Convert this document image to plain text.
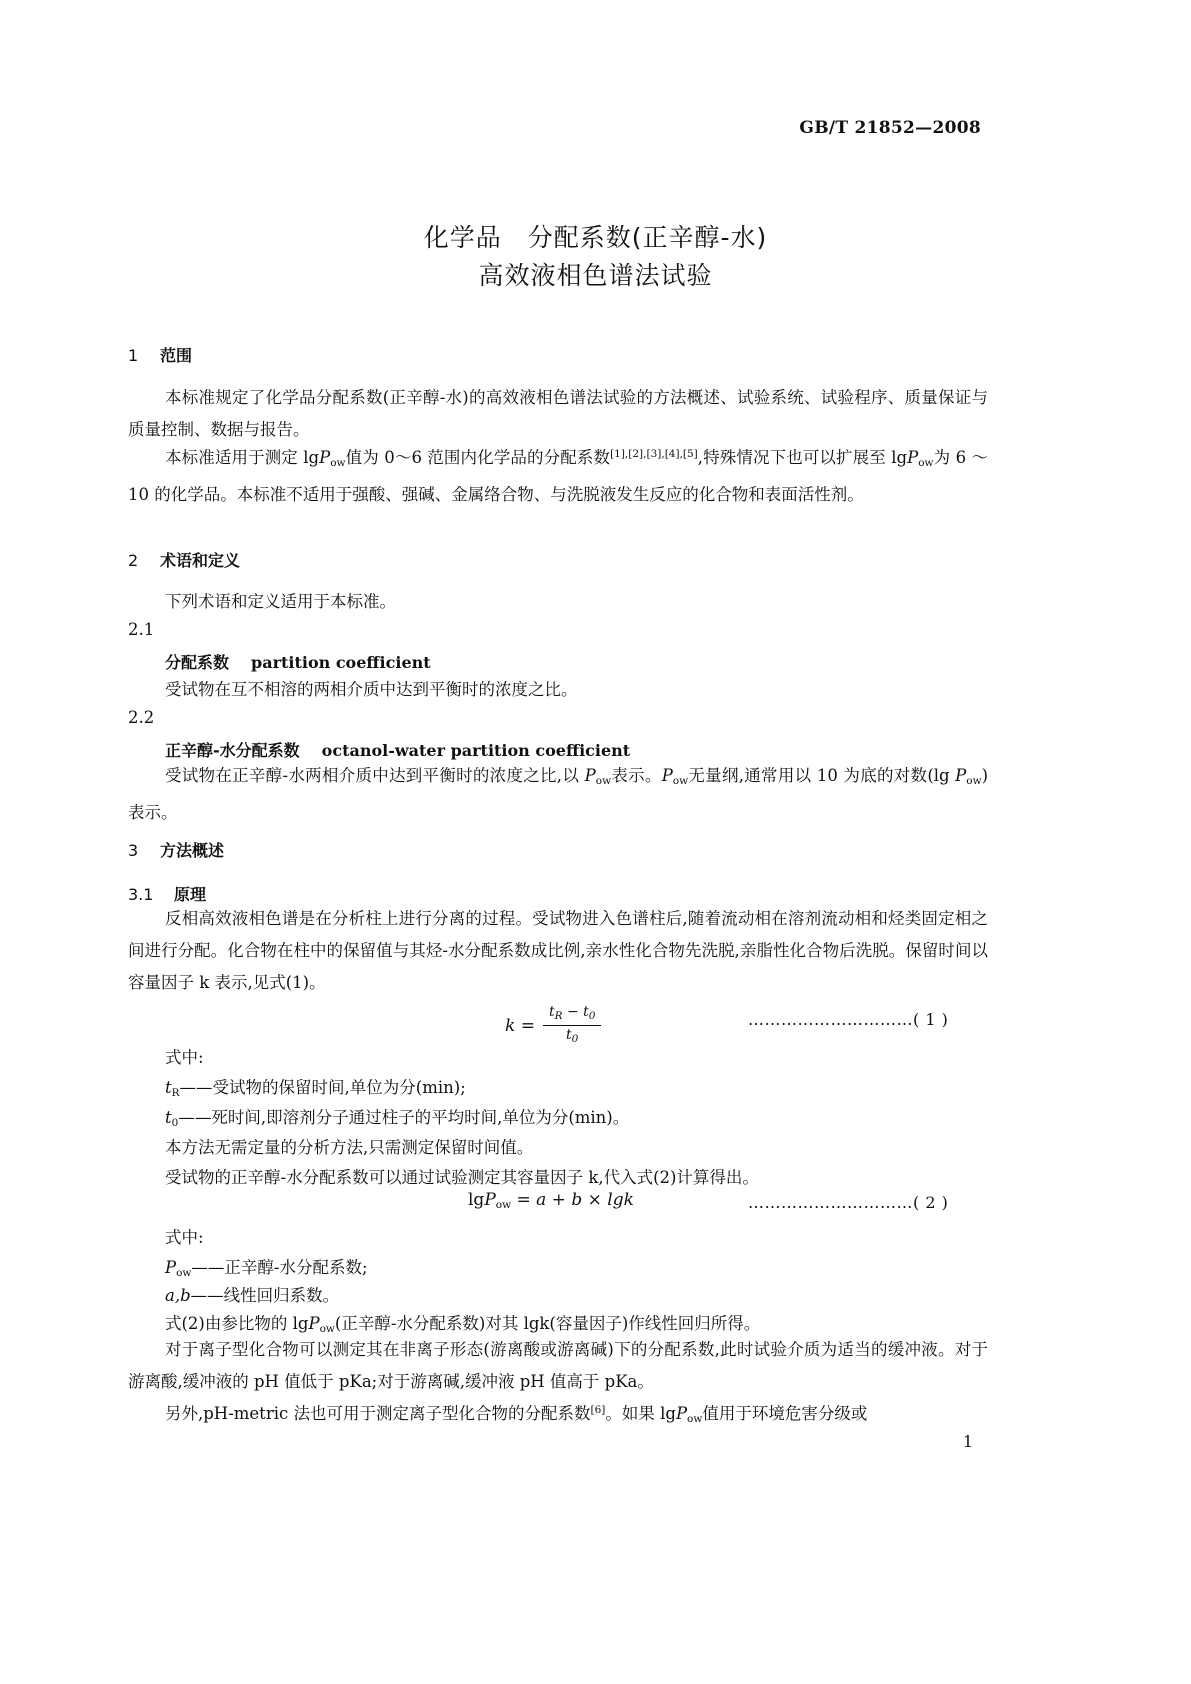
GB/T 21852—2008
化学品　分配系数(正辛醇-水)
高效液相色谱法试验
1 范围
本标准规定了化学品分配系数(正辛醇-水)的高效液相色谱法试验的方法概述、试验系统、试验程序、质量保证与质量控制、数据与报告。
本标准适用于测定 lgP$_{ow}$值为 0～6 范围内化学品的分配系数[1],[2],[3],[4],[5],特殊情况下也可以扩展至 lgP$_{ow}$为 6 ～10 的化学品。本标准不适用于强酸、强碱、金属络合物、与洗脱液发生反应的化合物和表面活性剂。
2 术语和定义
下列术语和定义适用于本标准。
2.1
分配系数 partition coefficient
受试物在互不相溶的两相介质中达到平衡时的浓度之比。
2.2
正辛醇-水分配系数 octanol-water partition coefficient
受试物在正辛醇-水两相介质中达到平衡时的浓度之比,以 $P_{ow}$表示。$P_{ow}$无量纲,通常用以 10 为底的对数(lg $P_{ow}$)表示。
3 方法概述
3.1 原理
反相高效液相色谱是在分析柱上进行分离的过程。受试物进入色谱柱后,随着流动相在溶剂流动相和烃类固定相之间进行分配。化合物在柱中的保留值与其烃-水分配系数成比例,亲水性化合物先洗脱,亲脂性化合物后洗脱。保留时间以容量因子 k 表示,见式(1)。
$k = \frac{t_R - t_0}{t_0}$	…………………………( 1 )
式中:
$t_R——$受试物的保留时间,单位为分(min);
$t_0——$死时间,即溶剂分子通过柱子的平均时间,单位为分(min)。
本方法无需定量的分析方法,只需测定保留时间值。
受试物的正辛醇-水分配系数可以通过试验测定其容量因子 k,代入式(2)计算得出。
lgP$_{ow}$ = a + b × lgk	…………………………( 2 )
式中:
$P_{ow}——$正辛醇-水分配系数;
a,b——线性回归系数。
式(2)由参比物的 lgP$_{ow}$(正辛醇-水分配系数)对其 lgk(容量因子)作线性回归所得。
对于离子型化合物可以测定其在非离子形态(游离酸或游离碱)下的分配系数,此时试验介质为适当的缓冲液。对于游离酸,缓冲液的 pH 值低于 pKa;对于游离碱,缓冲液 pH 值高于 pKa。
另外,pH-metric 法也可用于测定离子型化合物的分配系数[6]。如果 lgP$_{ow}$值用于环境危害分级或
1
